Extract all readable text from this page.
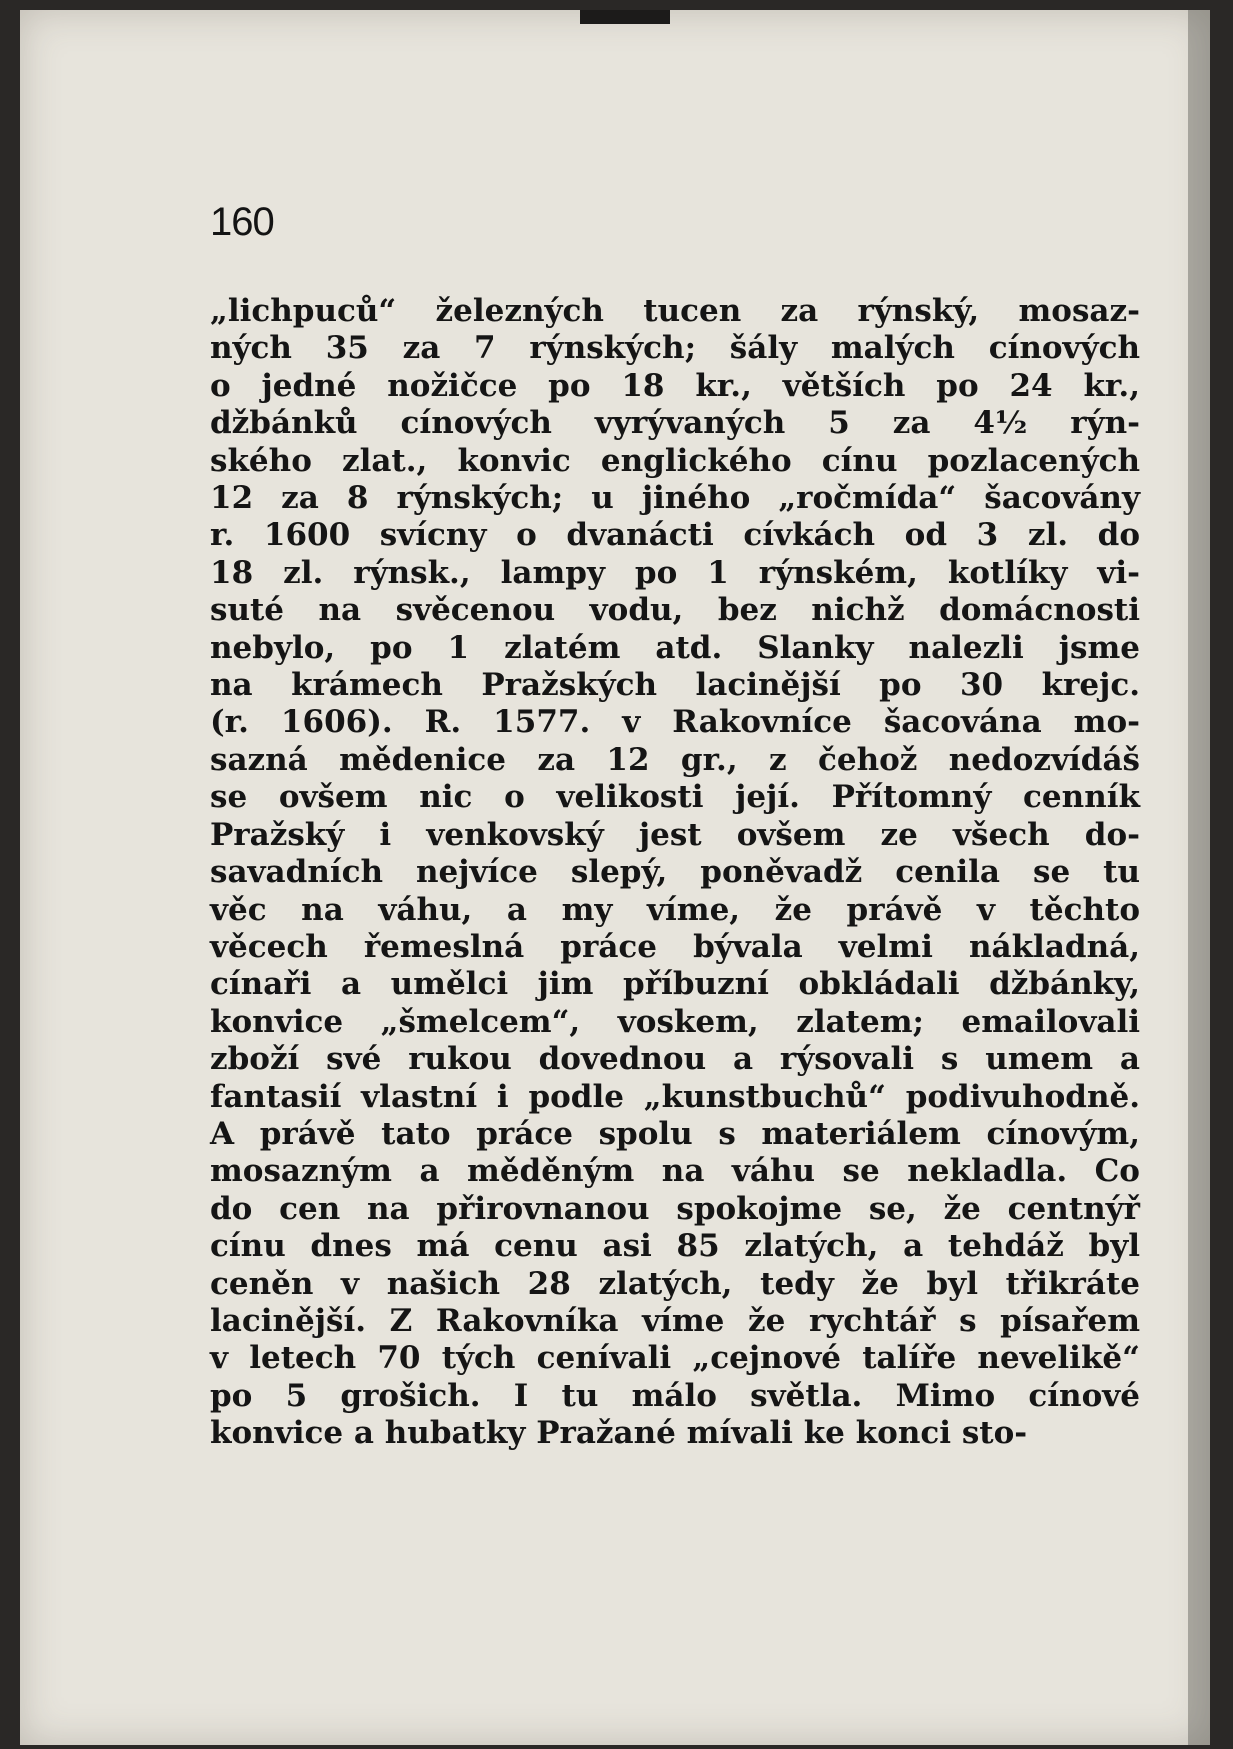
160
„lichpuců“ železných tucen za rýnský, mosaz-
ných 35 za 7 rýnských; šály malých cínových
o jedné nožičce po 18 kr., větších po 24 kr.,
džbánků cínových vyrývaných 5 za 4½ rýn-
ského zlat., konvic englického cínu pozlacených
12 za 8 rýnských; u jiného „ročmída“ šacovány
r. 1600 svícny o dvanácti cívkách od 3 zl. do
18 zl. rýnsk., lampy po 1 rýnském, kotlíky vi-
suté na svěcenou vodu, bez nichž domácnosti
nebylo, po 1 zlatém atd. Slanky nalezli jsme
na krámech Pražských lacinější po 30 krejc.
(r. 1606). R. 1577. v Rakovníce šacována mo-
sazná mědenice za 12 gr., z čehož nedozvídáš
se ovšem nic o velikosti její. Přítomný cenník
Pražský i venkovský jest ovšem ze všech do-
savadních nejvíce slepý, poněvadž cenila se tu
věc na váhu, a my víme, že právě v těchto
věcech řemeslná práce bývala velmi nákladná,
cínaři a umělci jim příbuzní obkládali džbánky,
konvice „šmelcem“, voskem, zlatem; emailovali
zboží své rukou dovednou a rýsovali s umem a
fantasií vlastní i podle „kunstbuchů“ podivuhodně.
A právě tato práce spolu s materiálem cínovým,
mosazným a měděným na váhu se nekladla. Co
do cen na přirovnanou spokojme se, že centnýř
cínu dnes má cenu asi 85 zlatých, a tehdáž byl
ceněn v našich 28 zlatých, tedy že byl třikráte
lacinější. Z Rakovníka víme že rychtář s písařem
v letech 70 tých cenívali „cejnové talíře nevelikě“
po 5 grošich. I tu málo světla. Mimo cínové
konvice a hubatky Pražané mívali ke konci sto-
